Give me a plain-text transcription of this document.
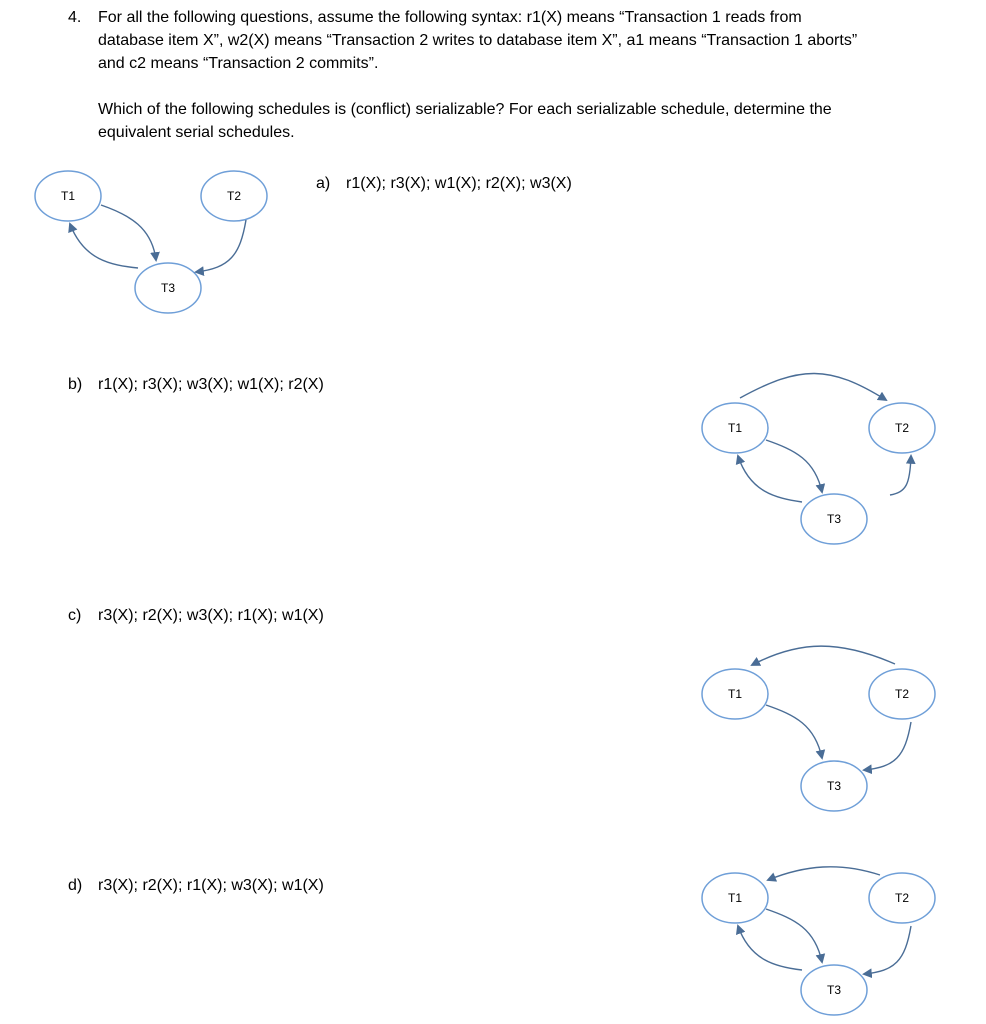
4. For all the following questions, assume the following syntax: r1(X) means “Transaction 1 reads from

database item X”, w2(X) means “Transaction 2 writes to database item X”, a1 means “Transaction 1 aborts”

and c2 means “Transaction 2 commits”.

Which of the following schedules is (conflict) serializable? For each serializable schedule, determine the

equivalent serial schedules.

a) r1(X); r3(X); w1(X); r2(X); w3(X)
b) r1(X); r3(X); w3(X); w1(X); r2(X)
c) r3(X); r2(X); w3(X); r1(X); w1(X)
d) r3(X); r2(X); r1(X); w3(X); w1(X)
T1	T2
T3
T1	T2
T3
T1	T2
T3
T1	T2
T3
